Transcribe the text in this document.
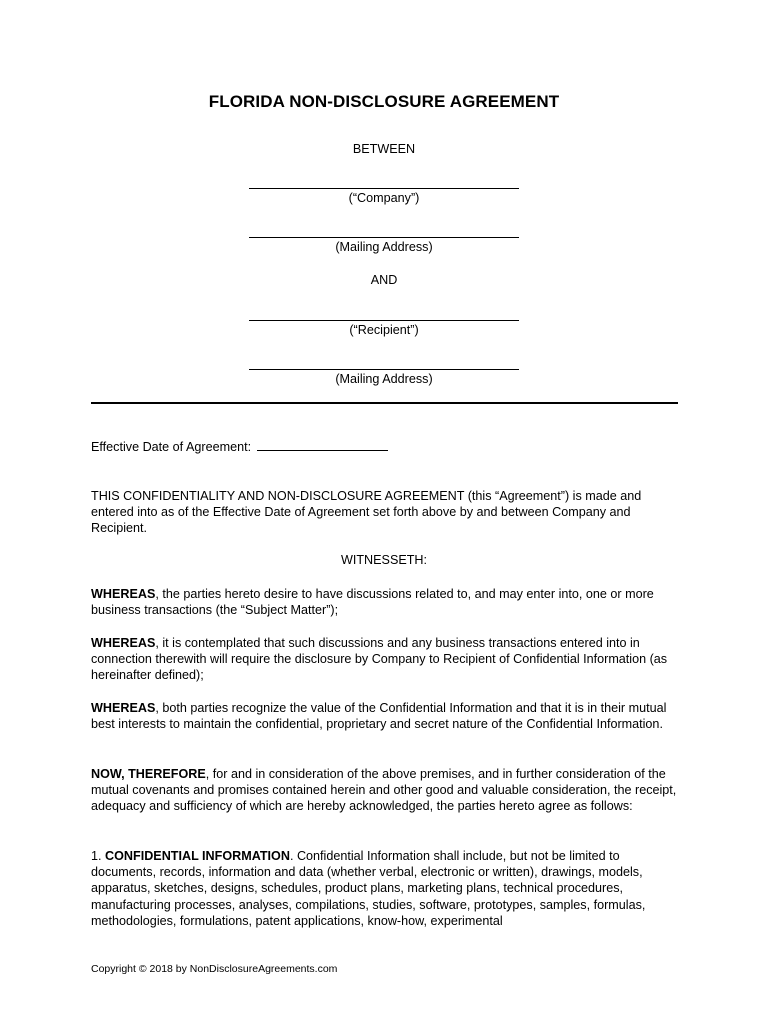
FLORIDA NON-DISCLOSURE AGREEMENT
BETWEEN
(“Company”)
(Mailing Address)
AND
(“Recipient”)
(Mailing Address)
Effective Date of Agreement:
THIS CONFIDENTIALITY AND NON-DISCLOSURE AGREEMENT (this “Agreement”) is made and entered into as of the Effective Date of Agreement set forth above by and between Company and Recipient.
WITNESSETH:
WHEREAS, the parties hereto desire to have discussions related to, and may enter into, one or more business transactions (the “Subject Matter”);
WHEREAS, it is contemplated that such discussions and any business transactions entered into in connection therewith will require the disclosure by Company to Recipient of Confidential Information (as hereinafter defined);
WHEREAS, both parties recognize the value of the Confidential Information and that it is in their mutual best interests to maintain the confidential, proprietary and secret nature of the Confidential Information.
NOW, THEREFORE, for and in consideration of the above premises, and in further consideration of the mutual covenants and promises contained herein and other good and valuable consideration, the receipt, adequacy and sufficiency of which are hereby acknowledged, the parties hereto agree as follows:
1. CONFIDENTIAL INFORMATION. Confidential Information shall include, but not be limited to documents, records, information and data (whether verbal, electronic or written), drawings, models, apparatus, sketches, designs, schedules, product plans, marketing plans, technical procedures, manufacturing processes, analyses, compilations, studies, software, prototypes, samples, formulas, methodologies, formulations, patent applications, know-how, experimental
Copyright © 2018 by NonDisclosureAgreements.com
